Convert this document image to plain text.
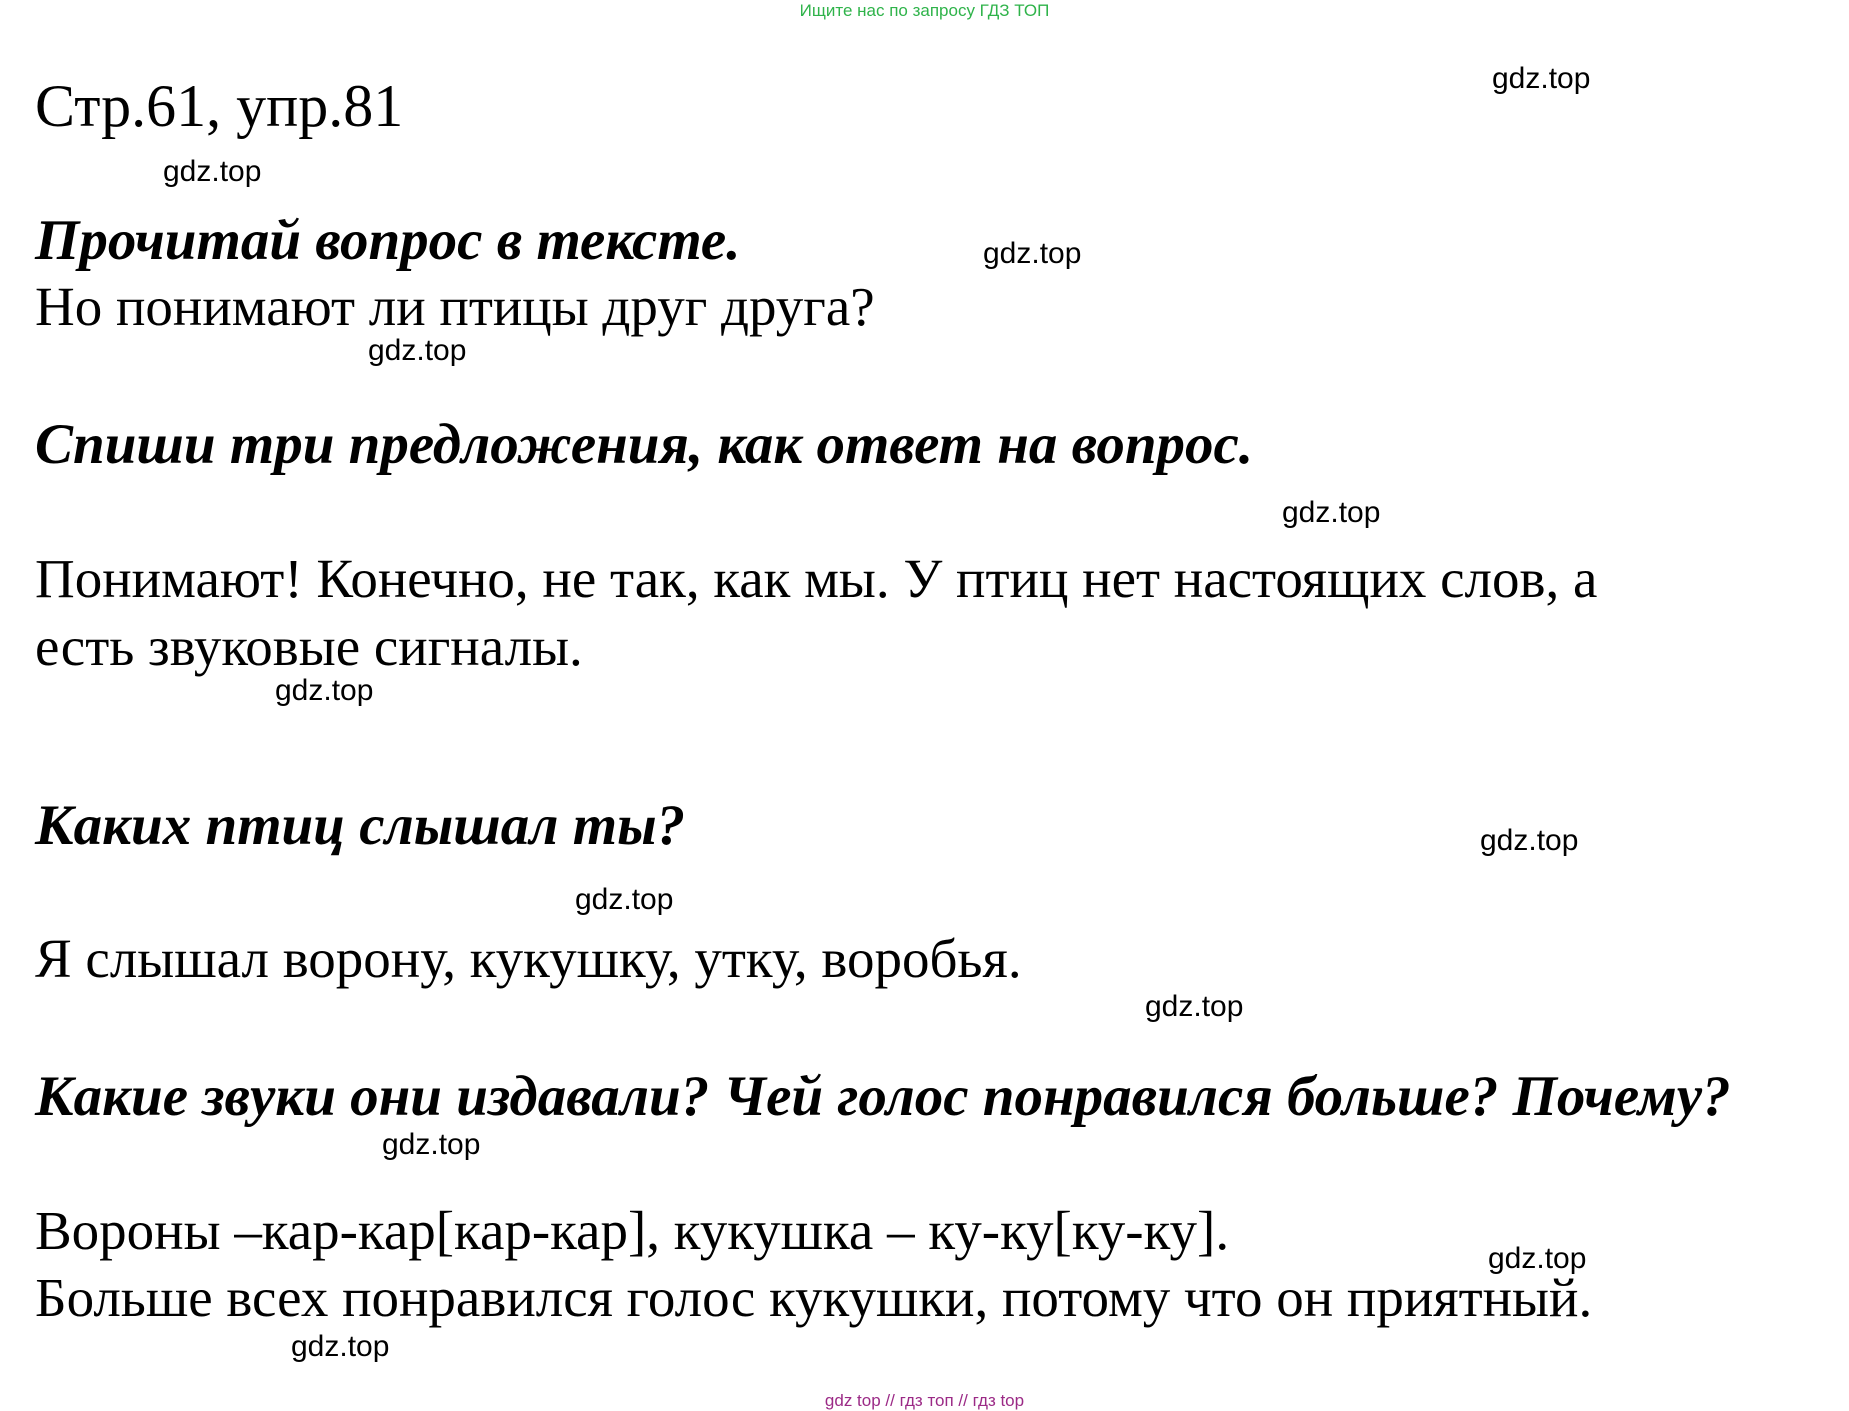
Ищите нас по запросу ГДЗ ТОП
Стр.61, упр.81
Прочитай вопрос в тексте.
Но понимают ли птицы друг друга?
Спиши три предложения, как ответ на вопрос.
Понимают! Конечно, не так, как мы. У птиц нет настоящих слов, а
есть звуковые сигналы.
Каких птиц слышал ты?
Я слышал ворону, кукушку, утку, воробья.
Какие звуки они издавали? Чей голос понравился больше? Почему?
Вороны –кар-кар[кар-кар], кукушка – ку-ку[ку-ку].
Больше всех понравился голос кукушки, потому что он приятный.
gdz.top
gdz.top
gdz.top
gdz.top
gdz.top
gdz.top
gdz.top
gdz.top
gdz.top
gdz.top
gdz.top
gdz.top
gdz top // гдз топ // гдз top
